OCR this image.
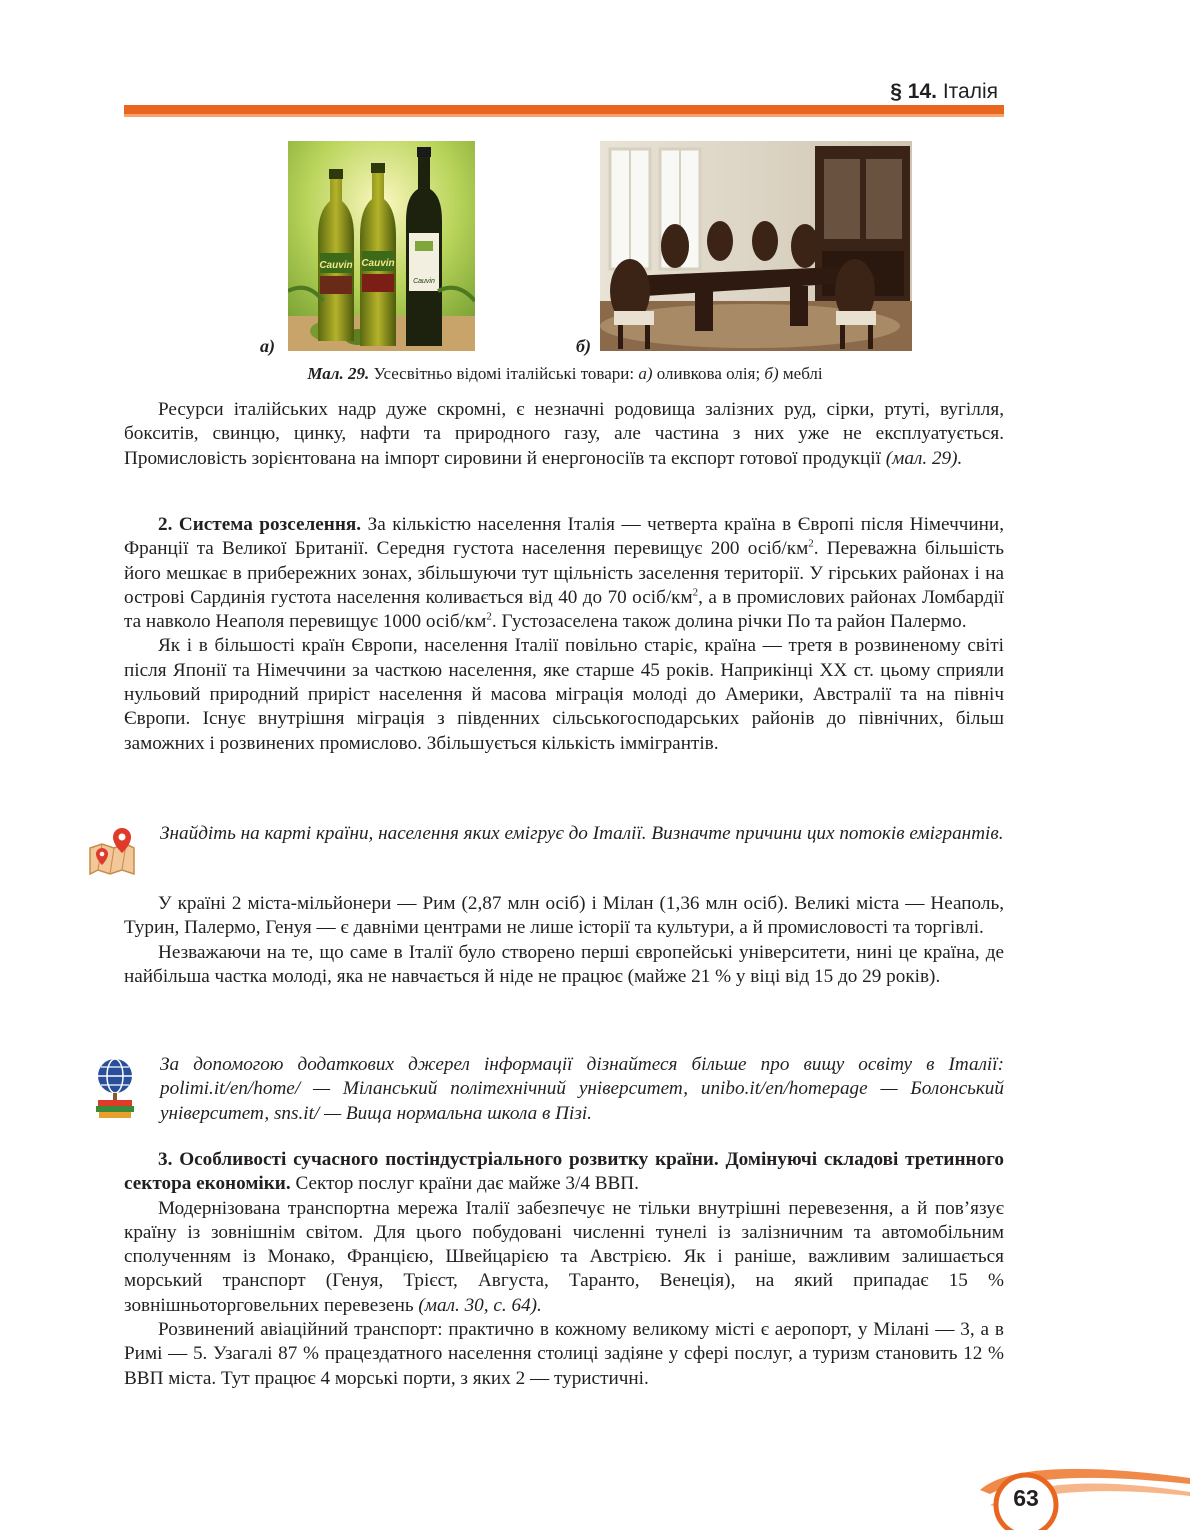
§ 14. Італія
Cauvin Cauvin
Cauvin
а)	б)
Мал. 29. Усесвітньо відомі італійські товари: а) оливкова олія; б) меблі

Ресурси італійських надр дуже скромні, є незначні родовища залізних руд, сірки, ртуті, вугілля, бокситів, свинцю, цинку, нафти та природного газу, але частина з них уже не експлуатується. Промисловість зорієнтована на імпорт сировини й енергоносіїв та експорт готової продукції (мал. 29).

2. Система розселення. За кількістю населення Італія — четверта країна в Європі після Німеччини, Франції та Великої Британії. Середня густота населення перевищує 200 осіб/$км^2$. Переважна більшість його мешкає в прибережних зонах, збільшуючи тут щільність заселення території. У гірських районах і на острові Сардинія густота населення коливається від 40 до 70 осіб/$км^2$, а в промислових районах Ломбардії та навколо Неаполя перевищує 1000 осіб/$км^2$. Густозаселена також долина річки По та район Палермо.

Як і в більшості країн Європи, населення Італії повільно старіє, країна — третя в розвиненому світі після Японії та Німеччини за часткою населення, яке старше 45 років. Наприкінці XX ст. цьому сприяли нульовий природний приріст населення й масова міграція молоді до Америки, Австралії та на північ Європи. Існує внутрішня міграція з південних сільськогосподарських районів до північних, більш заможних і розвинених промислово. Збільшується кількість іммігрантів.

Знайдіть на карті країни, населення яких емігрує до Італії. Визначте причини цих потоків емігрантів.

У країні 2 міста-мільйонери — Рим (2,87 млн осіб) і Мілан (1,36 млн осіб). Великі міста — Неаполь, Турин, Палермо, Генуя — є давніми центрами не лише історії та культури, а й промисловості та торгівлі.

Незважаючи на те, що саме в Італії було створено перші європейські університети, нині це країна, де найбільша частка молоді, яка не навчається й ніде не працює (майже 21 % у віці від 15 до 29 років).

За допомогою додаткових джерел інформації дізнайтеся більше про вищу освіту в Італії: polimi.it/en/home/ — Міланський політехнічний університет, unibo.it/en/homepage — Болонський університет, sns.it/ — Вища нормальна школа в Пізі.

3. Особливості сучасного постіндустріального розвитку країни. Домінуючі складові третинного сектора економіки. Сектор послуг країни дає майже 3/4 ВВП.

Модернізована транспортна мережа Італії забезпечує не тільки внутрішні перевезення, а й пов’язує країну із зовнішнім світом. Для цього побудовані численні тунелі із залізничним та автомобільним сполученням із Монако, Францією, Швейцарією та Австрією. Як і раніше, важливим залишається морський транспорт (Генуя, Трієст, Августа, Таранто, Венеція), на який припадає 15 % зовнішньоторговельних перевезень (мал. 30, с. 64).

Розвинений авіаційний транспорт: практично в кожному великому місті є аеропорт, у Мілані — 3, а в Римі — 5. Узагалі 87 % працездатного населення столиці задіяне у сфері послуг, а туризм становить 12 % ВВП міста. Тут працює 4 морські порти, з яких 2 — туристичні.

63
